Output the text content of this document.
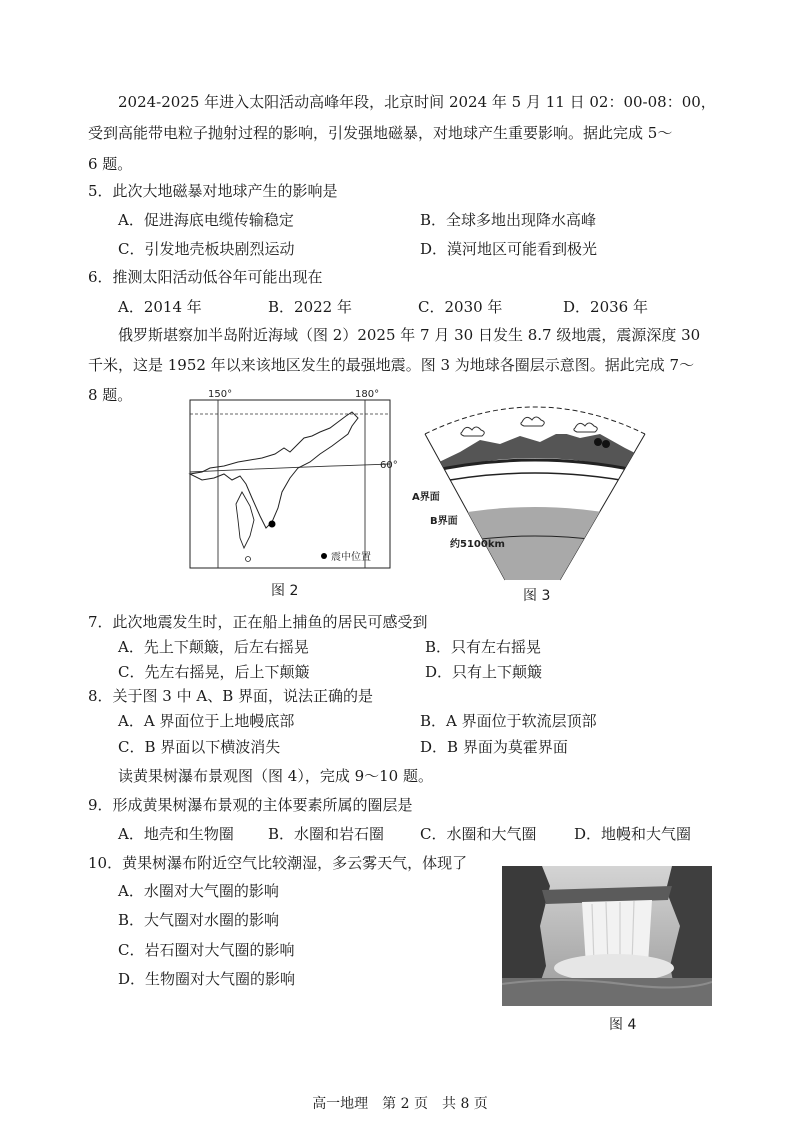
2024-2025 年进入太阳活动高峰年段，北京时间 2024 年 5 月 11 日 02：00-08：00，
受到高能带电粒子抛射过程的影响，引发强地磁暴，对地球产生重要影响。据此完成 5～
6 题。
5．此次大地磁暴对地球产生的影响是
A．促进海底电缆传输稳定	B．全球多地出现降水高峰
C．引发地壳板块剧烈运动	D．漠河地区可能看到极光
6．推测太阳活动低谷年可能出现在
A．2014 年	B．2022 年	C．2030 年	D．2036 年
俄罗斯堪察加半岛附近海域（图 2）2025 年 7 月 30 日发生 8.7 级地震，震源深度 30
千米，这是 1952 年以来该地区发生的最强地震。图 3 为地球各圈层示意图。据此完成 7～
8 题。	150°	180°
60°
震中位置
图 2
A界面
B界面
约5100km
图 3
7．此次地震发生时，正在船上捕鱼的居民可感受到
A．先上下颠簸，后左右摇晃	B．只有左右摇晃
C．先左右摇晃，后上下颠簸	D．只有上下颠簸
8．关于图 3 中 A、B 界面，说法正确的是
A．A 界面位于上地幔底部	B．A 界面位于软流层顶部
C．B 界面以下横波消失	D．B 界面为莫霍界面
读黄果树瀑布景观图（图 4），完成 9～10 题。
9．形成黄果树瀑布景观的主体要素所属的圈层是
A．地壳和生物圈 B．水圈和岩石圈 C．水圈和大气圈	D．地幔和大气圈
10．黄果树瀑布附近空气比较潮湿，多云雾天气，体现了
A．水圈对大气圈的影响
B．大气圈对水圈的影响
C．岩石圈对大气圈的影响
D．生物圈对大气圈的影响
图 4
高一地理　第 2 页　共 8 页
